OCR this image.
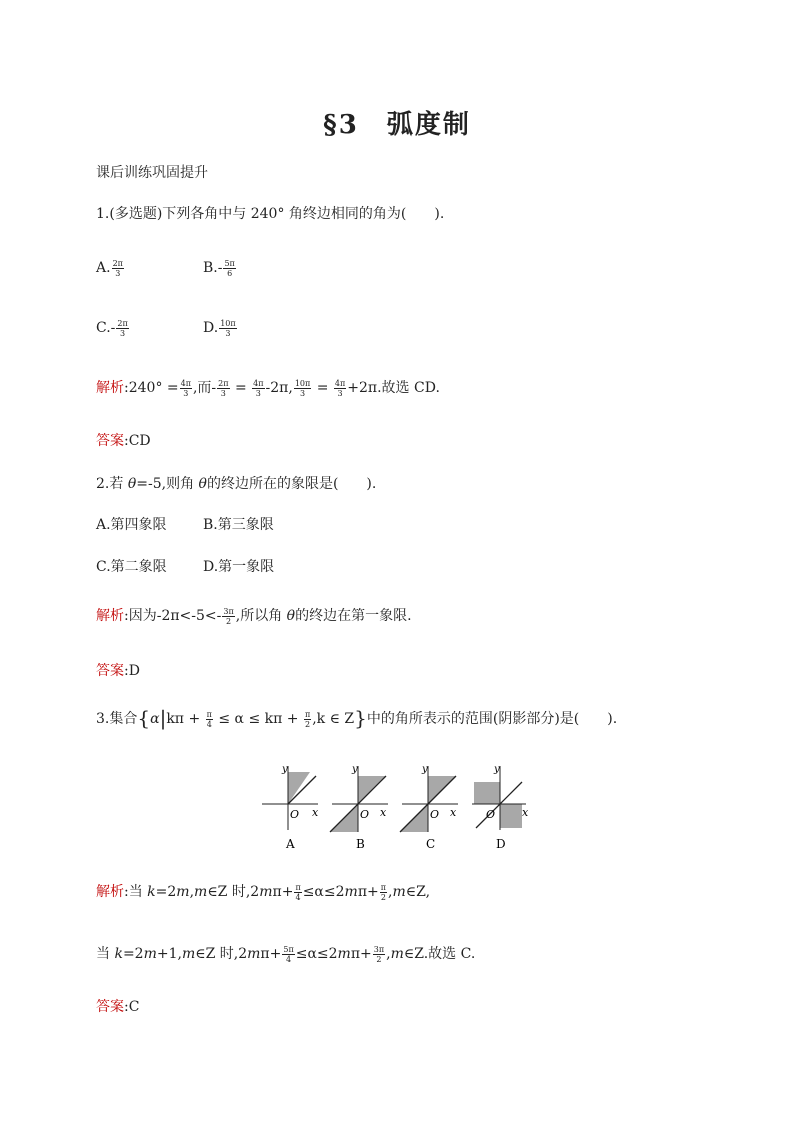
§3　弧度制
课后训练巩固提升
1.(多选题)下列各角中与 240° 角终边相同的角为(　　).
A. $\frac{2\pi}{3}$	$B.- \frac{5\pi}{6}$
$C.- \frac{2\pi}{3}$	D. $\frac{10\pi}{3}$
解析:240° = $\frac{4\pi}{3}$ ,而- $\frac{2\pi}{3} = \frac{4\pi}{3} -2\pi$, $\frac{10\pi}{3} = \frac{4\pi}{3} +2\pi$.故选 CD.
答案:CD
2.若 θ=-5,则角 θ的终边所在的象限是(　　).
A.第四象限	B.第三象限
C.第二象限	D.第一象限
解析:因为$-2\pi<-5<- \frac{3\pi}{2}$ ,所以角 θ的终边在第一象限.
答案:D
3.集合{$\alpha|k\pi + \frac{\pi}{4} \le \alpha \le k\pi + \frac{\pi}{2} ,k$ ∈ Z}中的角所表示的范围(阴影部分)是(　　).
y
x
O
A
y
x
O
B
y
x
O
C
y
x
O
D
解析:当 k=2m,m∈Z 时$,2m\pi+ \frac{\pi}{4} \le\alpha\le 2m\pi+ \frac{\pi}{2}$ ,m∈Z,
当 k=2m+1,m∈Z 时$,2m\pi+ \frac{5\pi}{4} \le\alpha\le 2m\pi+ \frac{3\pi}{2}$ ,m∈Z.故选 C.
答案:C
